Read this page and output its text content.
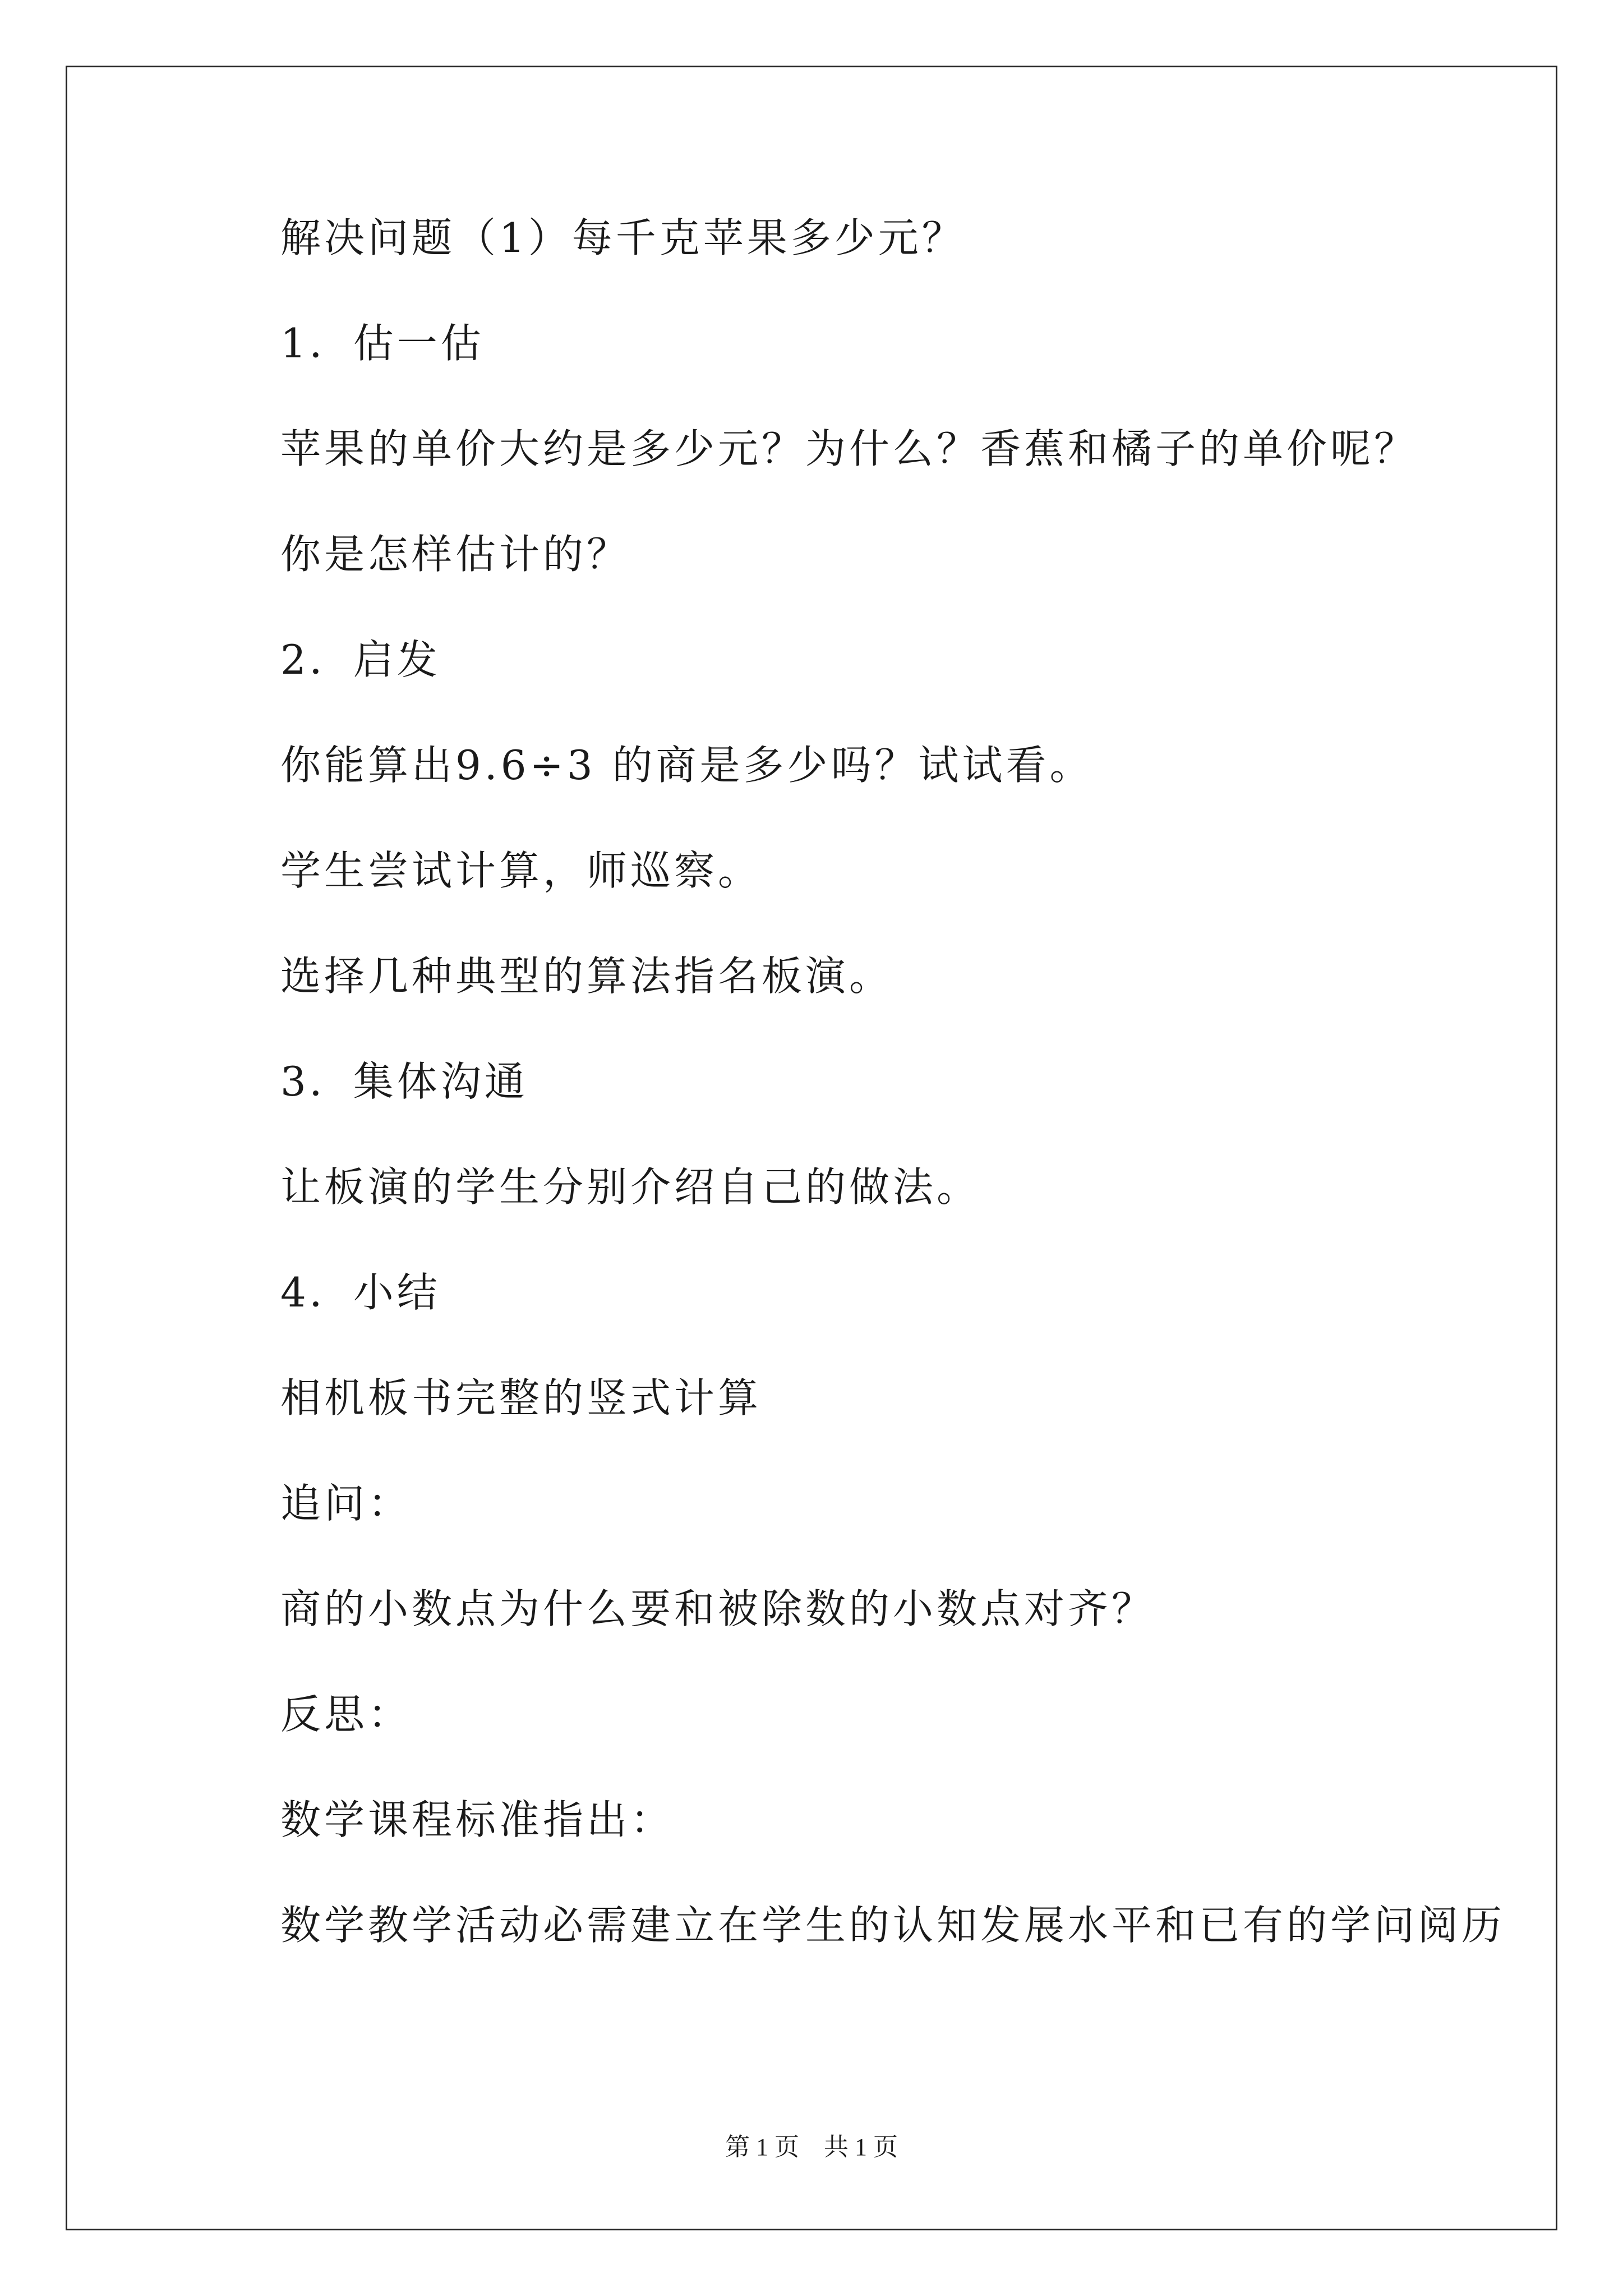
解决问题（1）每千克苹果多少元？
1．估一估
苹果的单价大约是多少元？为什么？香蕉和橘子的单价呢？
你是怎样估计的？
2．启发
你能算出9.6÷3 的商是多少吗？试试看。
学生尝试计算，师巡察。
选择几种典型的算法指名板演。
3．集体沟通
让板演的学生分别介绍自己的做法。
4．小结
相机板书完整的竖式计算
追问：
商的小数点为什么要和被除数的小数点对齐？
反思：
数学课程标准指出：
数学教学活动必需建立在学生的认知发展水平和已有的学问阅历
第 1 页　共 1 页
